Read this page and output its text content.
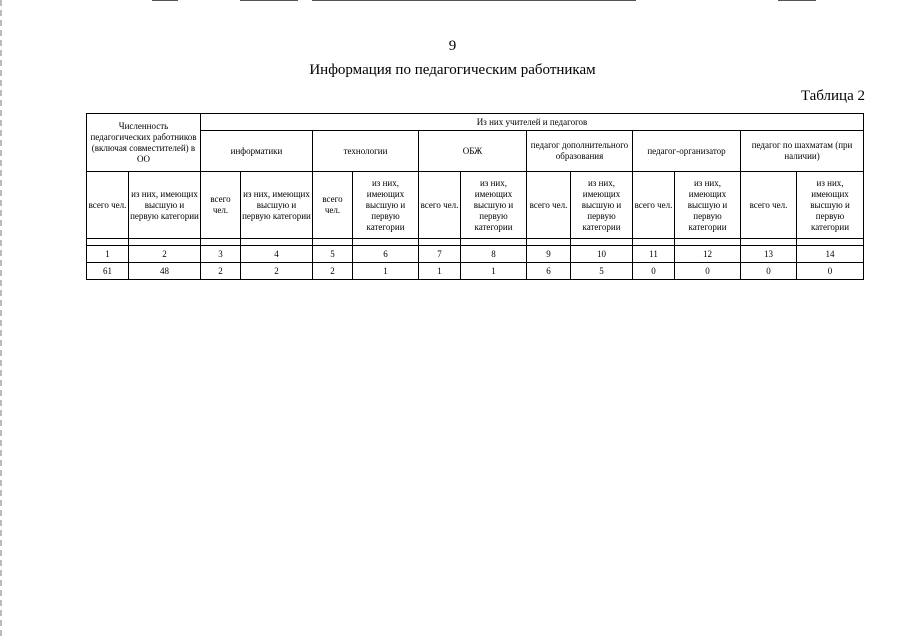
9
Информация по педагогическим работникам
Таблица 2
Численность педагогических работников (включая совместителей) в ОО		Из них учителей и педагогов											
		информатики		технологии		ОБЖ		педагог дополнительного образования		педагог-организатор		педагог по шахматам (при наличии)	
всего чел.	из них, имеющих высшую и первую категории	всего чел.	из них, имеющих высшую и первую категории	всего чел.	из них, имеющих высшую и первую категории	всего чел.	из них, имеющих высшую и первую категории	всего чел.	из них, имеющих высшую и первую категории	всего чел.	из них, имеющих высшую и первую категории	всего чел.	из них, имеющих высшую и первую категории

1	2	3	4	5	6	7	8	9	10	11	12	13	14
61	48	2	2	2	1	1	1	6	5	0	0	0	0
